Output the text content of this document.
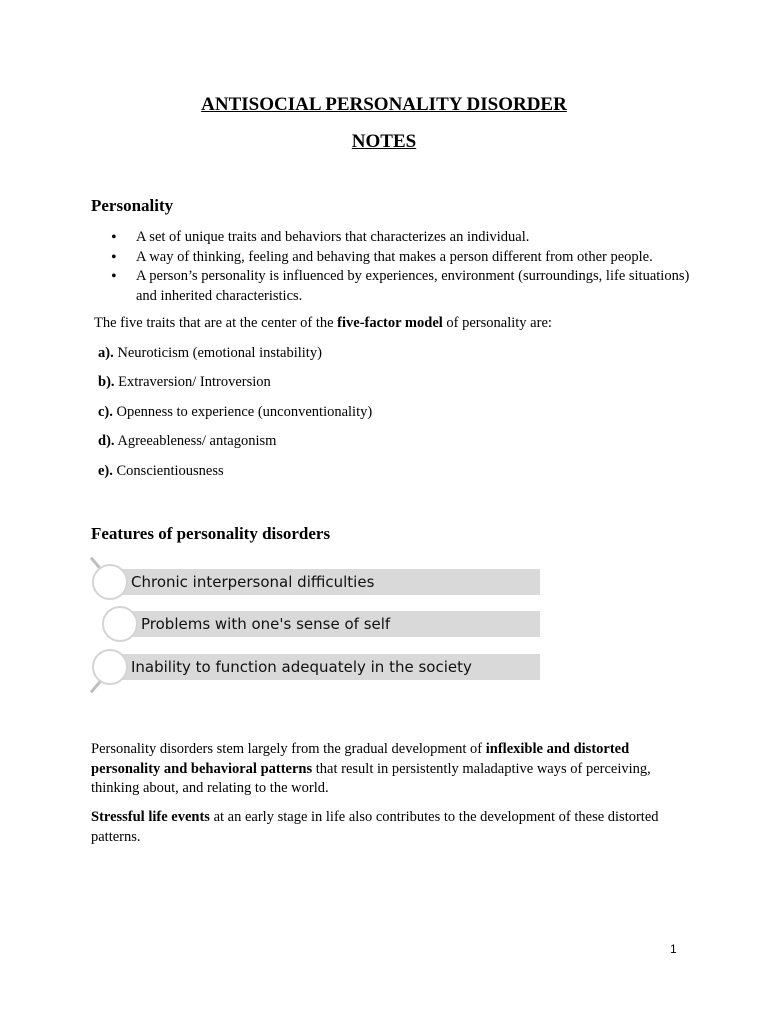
ANTISOCIAL PERSONALITY DISORDER
NOTES
Personality
• A set of unique traits and behaviors that characterizes an individual.
• A way of thinking, feeling and behaving that makes a person different from other people.
• A person’s personality is influenced by experiences, environment (surroundings, life situations) and inherited characteristics.
The five traits that are at the center of the five-factor model of personality are:
a). Neuroticism (emotional instability)
b). Extraversion/ Introversion
c). Openness to experience (unconventionality)
d). Agreeableness/ antagonism
e). Conscientiousness
Features of personality disorders
Chronic interpersonal difficulties
Problems with one's sense of self
Inability to function adequately in the society
Personality disorders stem largely from the gradual development of inflexible and distorted personality and behavioral patterns that result in persistently maladaptive ways of perceiving, thinking about, and relating to the world.
Stressful life events at an early stage in life also contributes to the development of these distorted patterns.
1
